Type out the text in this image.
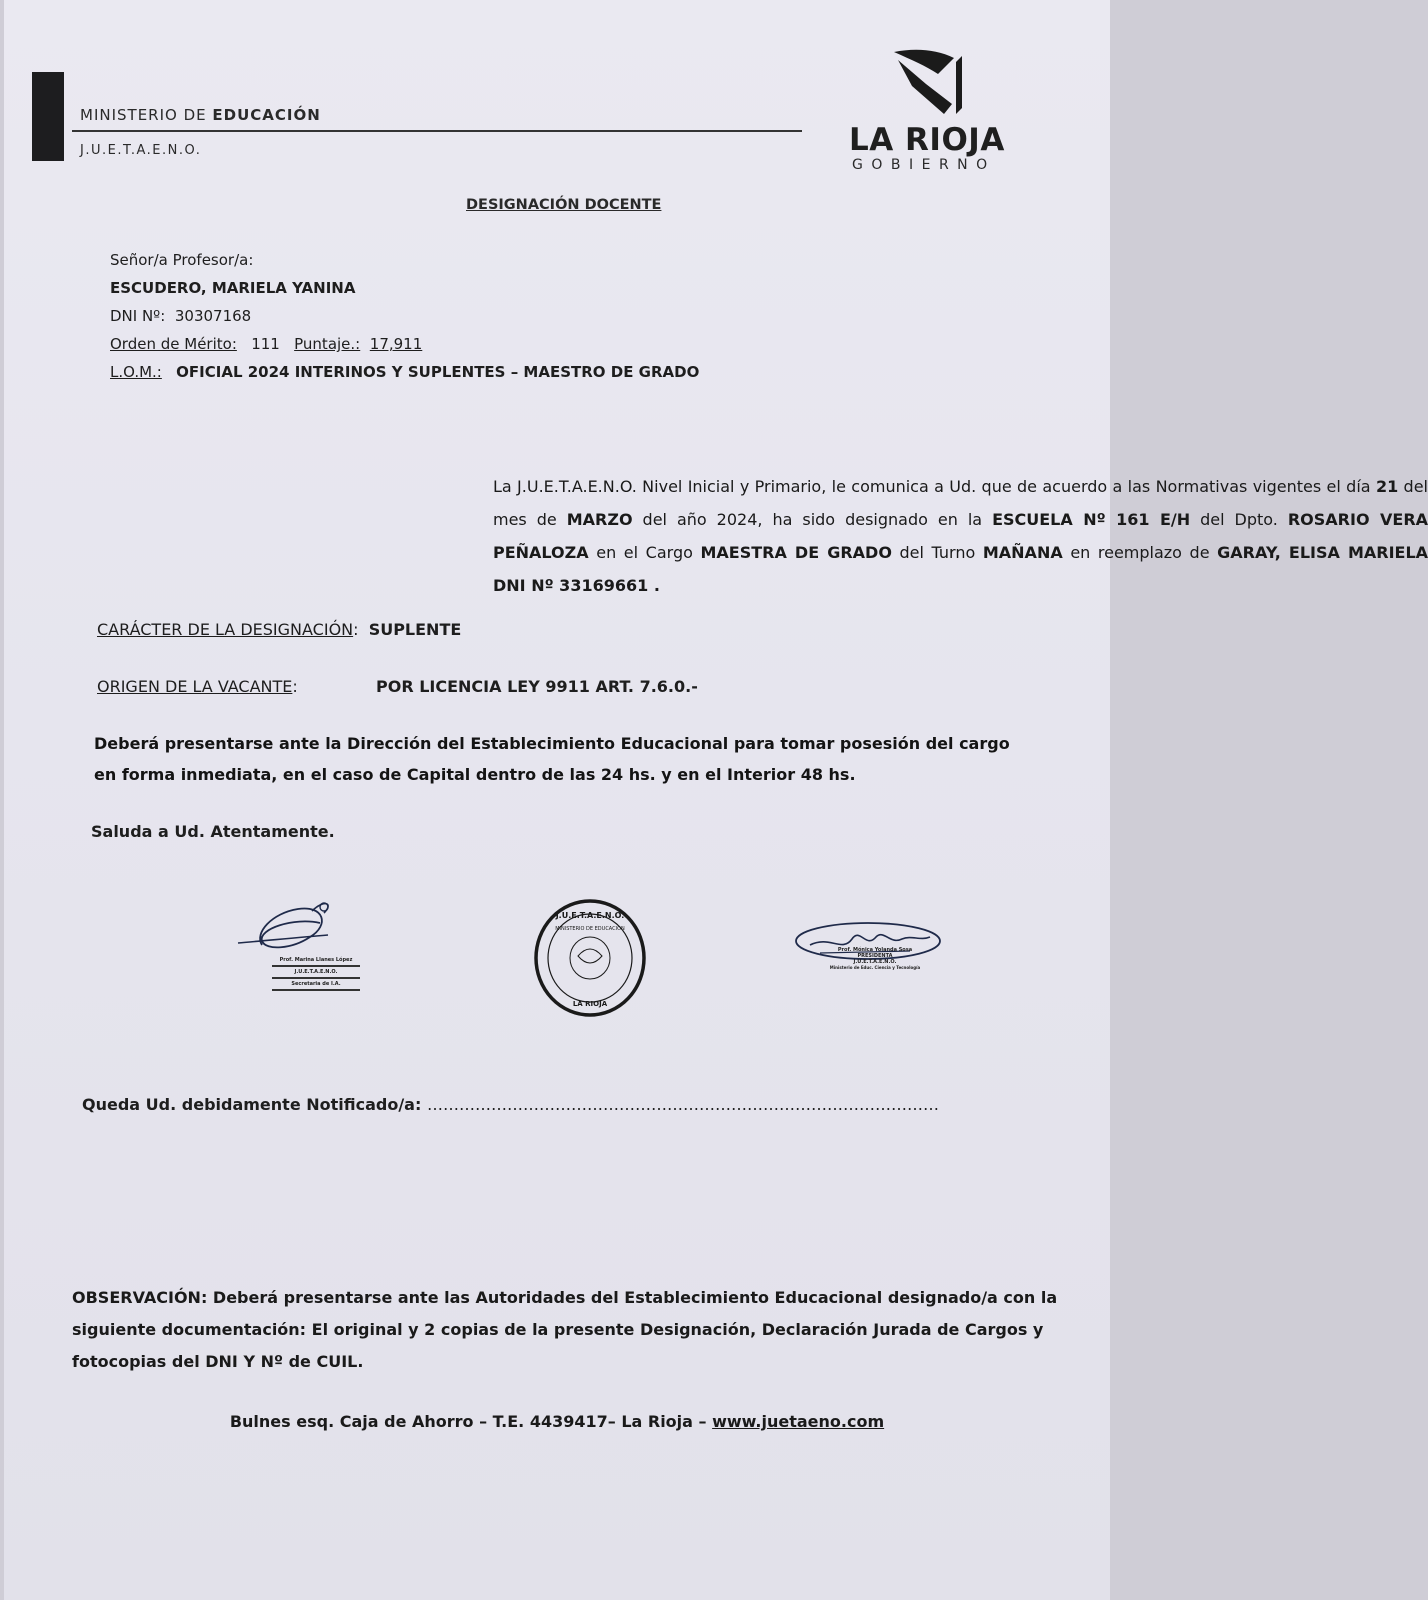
MINISTERIO DE EDUCACIÓN
J.U.E.T.A.E.N.O.	LA RIOJA
GOBIERNO
DESIGNACIÓN DOCENTE
Señor/a Profesor/a:
ESCUDERO, MARIELA YANINA
DNI Nº: 30307168
Orden de Mérito: 111 Puntaje.: 17,911
L.O.M.: OFICIAL 2024 INTERINOS Y SUPLENTES – MAESTRO DE GRADO
La J.U.E.T.A.E.N.O. Nivel Inicial y Primario, le comunica a Ud. que de acuerdo a las Normativas vigentes el día 21 del mes de MARZO del año 2024, ha sido designado en la ESCUELA Nº 161 E/H del Dpto. ROSARIO VERA PEÑALOZA en el Cargo MAESTRA DE GRADO del Turno MAÑANA en reemplazo de GARAY, ELISA MARIELA DNI Nº 33169661 .
CARÁCTER DE LA DESIGNACIÓN:  SUPLENTE
ORIGEN DE LA VACANTE:	POR LICENCIA LEY 9911 ART. 7.6.0.-
Deberá presentarse ante la Dirección del Establecimiento Educacional para tomar posesión del cargo en forma inmediata, en el caso de Capital dentro de las 24 hs. y en el Interior 48 hs.
Saluda a Ud. Atentamente.
Prof. Marina Llanes López
J.U.E.T.A.E.N.O.
Secretaria de I.A.
J.U.E.T.A.E.N.O.
MINISTERIO DE EDUCACION
LA RIOJA
Prof. Mónica Yolanda Sosa
PRESIDENTA
J.U.E.T.A.E.N.O.
Ministerio de Educ. Ciencia y Tecnología
Queda Ud. debidamente Notificado/a: ……………………………………………………………………………………
OBSERVACIÓN: Deberá presentarse ante las Autoridades del Establecimiento Educacional designado/a con la siguiente documentación: El original y 2 copias de la presente Designación, Declaración Jurada de Cargos y fotocopias del DNI Y Nº de CUIL.
Bulnes esq. Caja de Ahorro – T.E. 4439417– La Rioja – www.juetaeno.com
